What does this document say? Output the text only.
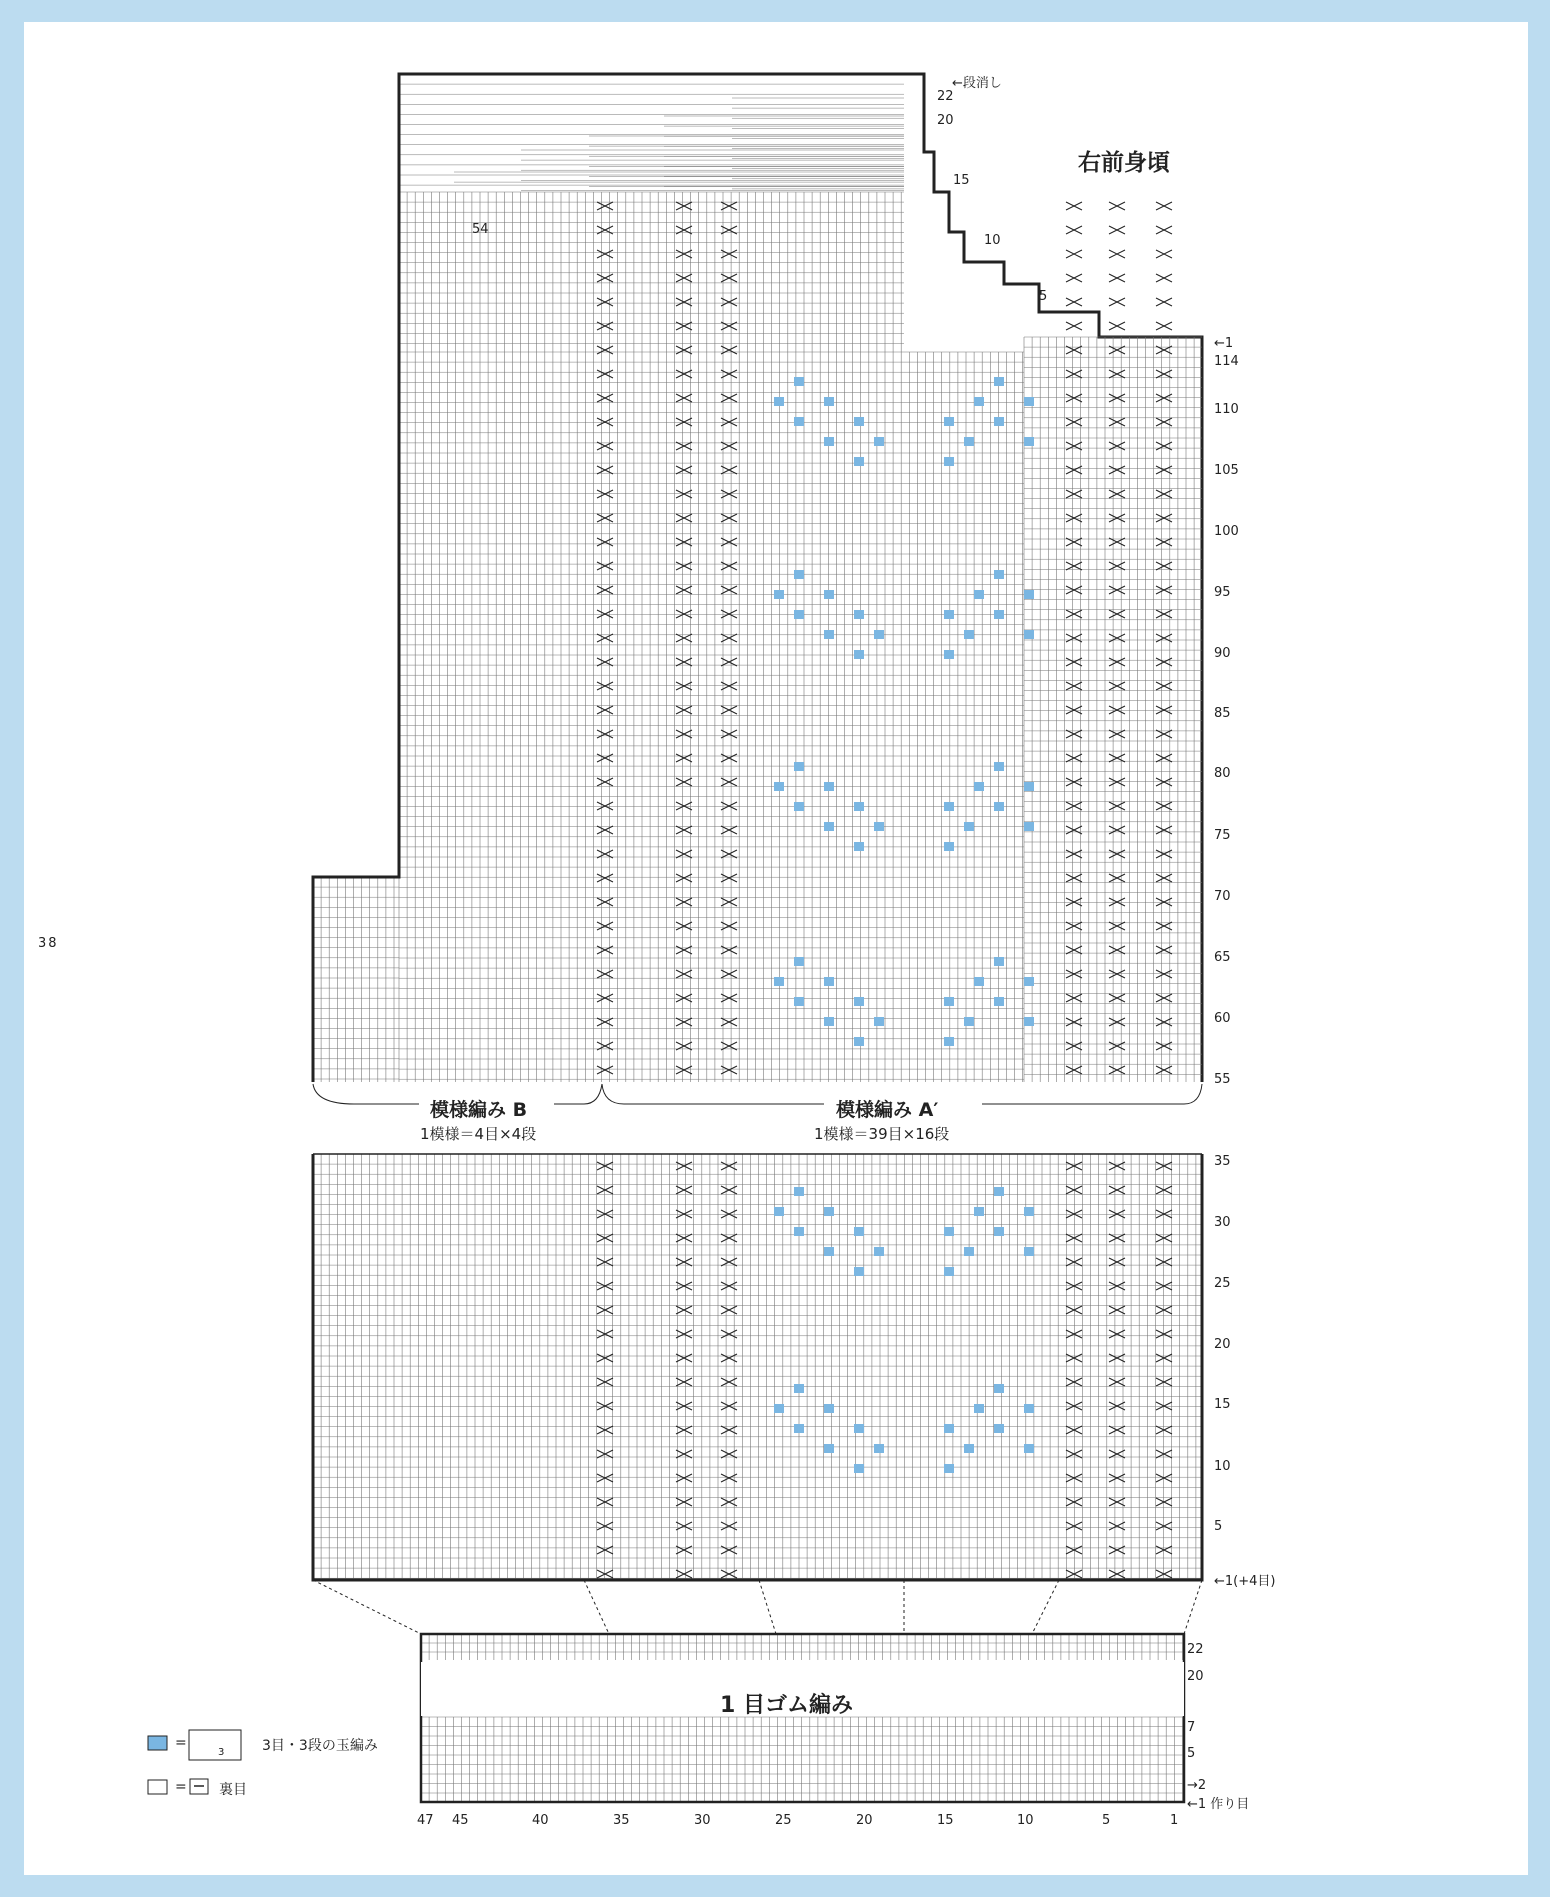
38
右前身頃
←段消し
22
20
15
10
5
←1
114
110
105
100
95
90
85
80
75
70
65
60
55
54
模様編み B
1模様＝4目×4段
模様編み A′
1模様＝39目×16段
35
30
25
20
15
10
5
←1(+4目)
1 目ゴム編み
22
20
7
5
→2
←1 作り目
47 45	40	35	30	25	20	15	10	5	1
=	3目・3段の玉編み
3
= 裏目
